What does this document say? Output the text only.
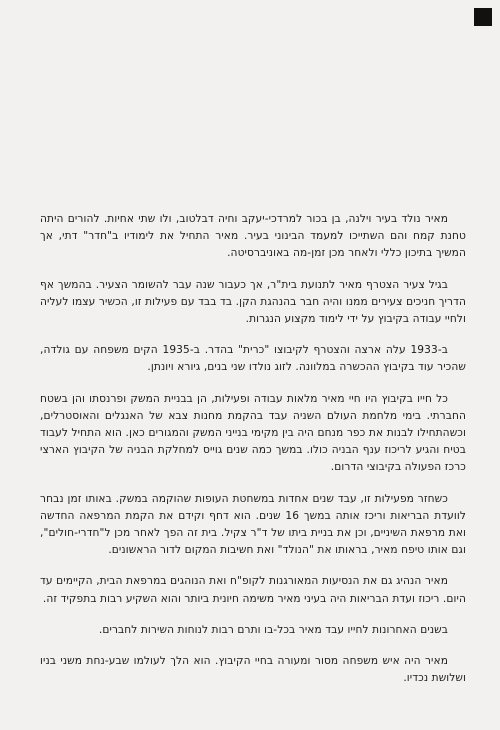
מאיר נולד בעיר וילנה, בן בכור למרדכי-יעקב וחיה דבלטוב, ולו שתי אחיות. להורים היתה טחנת קמח והם השתייכו למעמד הבינוני בעיר. מאיר התחיל את לימודיו ב"חדר" דתי, אך המשיך בתיכון כללי ולאחר מכן זמן-מה באוניברסיטה.

בגיל צעיר הצטרף מאיר לתנועת בית"ר, אך כעבור שנה עבר להשומר הצעיר. בהמשך אף הדריך חניכים צעירים ממנו והיה חבר בהנהגת הקן. בד בבד עם פעילות זו, הכשיר עצמו לעליה ולחיי עבודה בקיבוץ על ידי לימוד מקצוע הנגרות.

ב-1933 עלה ארצה והצטרף לקיבוצו "כרית" בהדר. ב-1935 הקים משפחה עם גולדה, שהכיר עוד בקיבוץ ההכשרה במלוונה. לזוג נולדו שני בנים, גיורא ויונתן.

כל חייו בקיבוץ היו חיי מאיר מלאות עבודה ופעילות, הן בבניית המשק ופרנסתו והן בשטח החברתי. בימי מלחמת העולם השניה עבד בהקמת מחנות צבא של האנגלים והאוסטרלים, וכשהתחילו לבנות את כפר מנחם היה בין מקימי בנייני המשק והמגורים כאן. הוא התחיל לעבוד בטיח והגיע לריכוז ענף הבניה כולו. במשך כמה שנים גוייס למחלקת הבניה של הקיבוץ הארצי כרכז הפעולה בקיבוצי הדרום.

כשחזר מפעילות זו, עבד שנים אחדות במשחטת העופות שהוקמה במשק. באותו זמן נבחר לוועדת הבריאות וריכז אותה במשך 16 שנים. הוא דחף וקידם את הקמת המרפאה החדשה ואת מרפאת השיניים, וכן את בניית ביתו של ד"ר צקיל. בית זה הפך לאחר מכן ל"חדרי-חולים", וגם אותו טיפח מאיר, בראותו את "הנולד" ואת חשיבות המקום לדור הראשונים.

מאיר הנהיג גם את הנסיעות המאורגנות לקופ"ח ואת הנוהגים במרפאת הבית, הקיימים עד היום. ריכוז ועדת הבריאות היה בעיני מאיר משימה חיונית ביותר והוא השקיע רבות בתפקיד זה.

בשנים האחרונות לחייו עבד מאיר בכל-בו ותרם רבות לנוחות השירות לחברים.

מאיר היה איש משפחה מסור ומעורה בחיי הקיבוץ. הוא הלך לעולמו שבע-נחת משני בניו ושלושת נכדיו.
